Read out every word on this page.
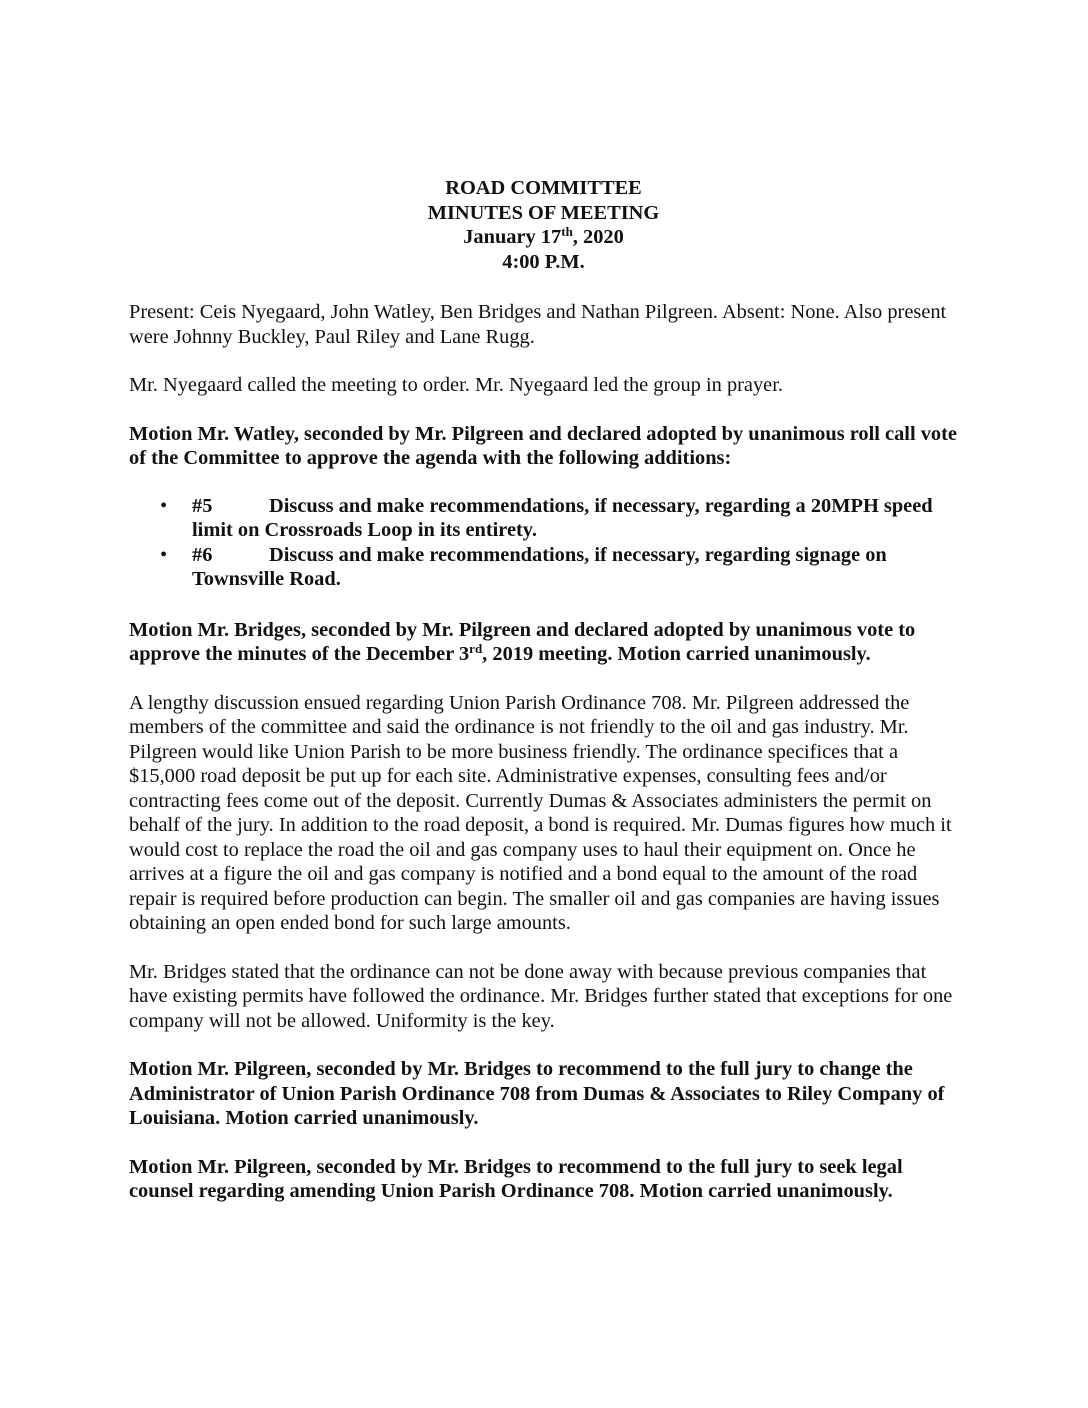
ROAD COMMITTEE
MINUTES OF MEETING
January 17th, 2020
4:00 P.M.

Present: Ceis Nyegaard, John Watley, Ben Bridges and Nathan Pilgreen. Absent: None. Also present were Johnny Buckley, Paul Riley and Lane Rugg.

Mr. Nyegaard called the meeting to order. Mr. Nyegaard led the group in prayer.

Motion Mr. Watley, seconded by Mr. Pilgreen and declared adopted by unanimous roll call vote of the Committee to approve the agenda with the following additions:

• #5	Discuss and make recommendations, if necessary, regarding a 20MPH speed limit on Crossroads Loop in its entirety.
• #6	Discuss and make recommendations, if necessary, regarding signage on Townsville Road.

Motion Mr. Bridges, seconded by Mr. Pilgreen and declared adopted by unanimous vote to approve the minutes of the December 3rd, 2019 meeting. Motion carried unanimously.

A lengthy discussion ensued regarding Union Parish Ordinance 708. Mr. Pilgreen addressed the members of the committee and said the ordinance is not friendly to the oil and gas industry. Mr. Pilgreen would like Union Parish to be more business friendly. The ordinance specifices that a $15,000 road deposit be put up for each site. Administrative expenses, consulting fees and/or contracting fees come out of the deposit. Currently Dumas & Associates administers the permit on behalf of the jury. In addition to the road deposit, a bond is required. Mr. Dumas figures how much it would cost to replace the road the oil and gas company uses to haul their equipment on. Once he arrives at a figure the oil and gas company is notified and a bond equal to the amount of the road repair is required before production can begin. The smaller oil and gas companies are having issues obtaining an open ended bond for such large amounts.

Mr. Bridges stated that the ordinance can not be done away with because previous companies that have existing permits have followed the ordinance. Mr. Bridges further stated that exceptions for one company will not be allowed. Uniformity is the key.

Motion Mr. Pilgreen, seconded by Mr. Bridges to recommend to the full jury to change the Administrator of Union Parish Ordinance 708 from Dumas & Associates to Riley Company of Louisiana. Motion carried unanimously.

Motion Mr. Pilgreen, seconded by Mr. Bridges to recommend to the full jury to seek legal counsel regarding amending Union Parish Ordinance 708. Motion carried unanimously.
